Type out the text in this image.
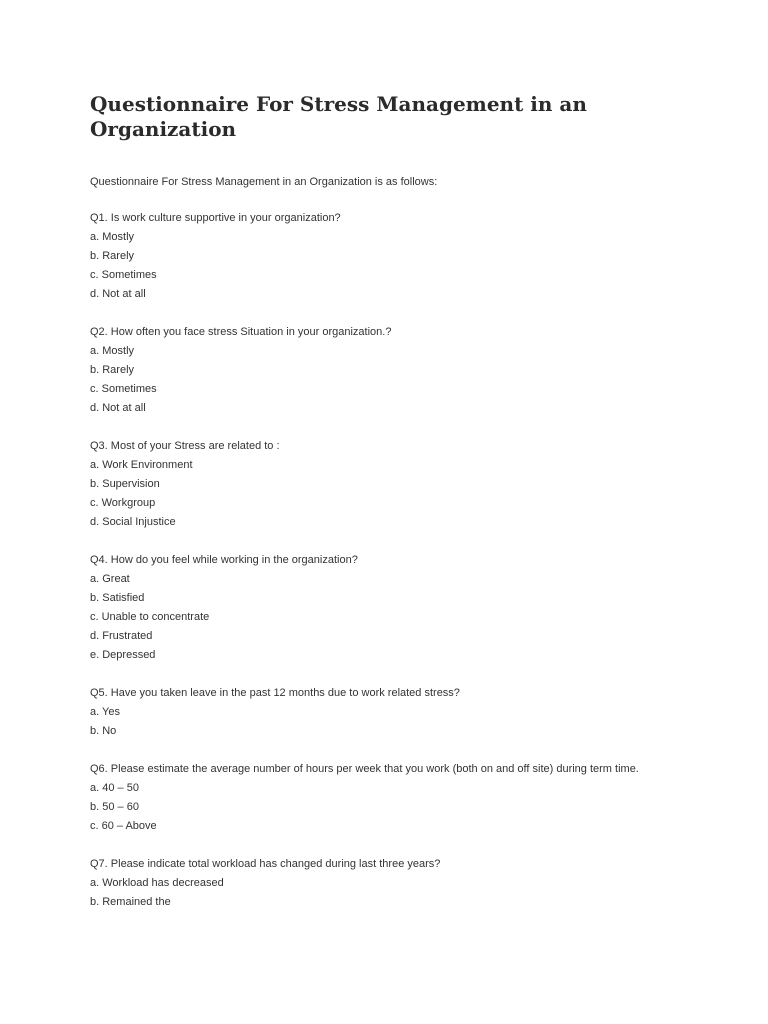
Questionnaire For Stress Management in an Organization
Questionnaire For Stress Management in an Organization is as follows:
Q1. Is work culture supportive in your organization?
a. Mostly
b. Rarely
c. Sometimes
d. Not at all
Q2. How often you face stress Situation in your organization.?
a. Mostly
b. Rarely
c. Sometimes
d. Not at all
Q3. Most of your Stress are related to :
a. Work Environment
b. Supervision
c. Workgroup
d. Social Injustice
Q4. How do you feel while working in the organization?
a. Great
b. Satisfied
c. Unable to concentrate
d. Frustrated
e. Depressed
Q5. Have you taken leave in the past 12 months due to work related stress?
a. Yes
b. No
Q6. Please estimate the average number of hours per week that you work (both on and off site) during term time.
a. 40 – 50
b. 50 – 60
c. 60 – Above
Q7. Please indicate total workload has changed during last three years?
a. Workload has decreased
b. Remained the
